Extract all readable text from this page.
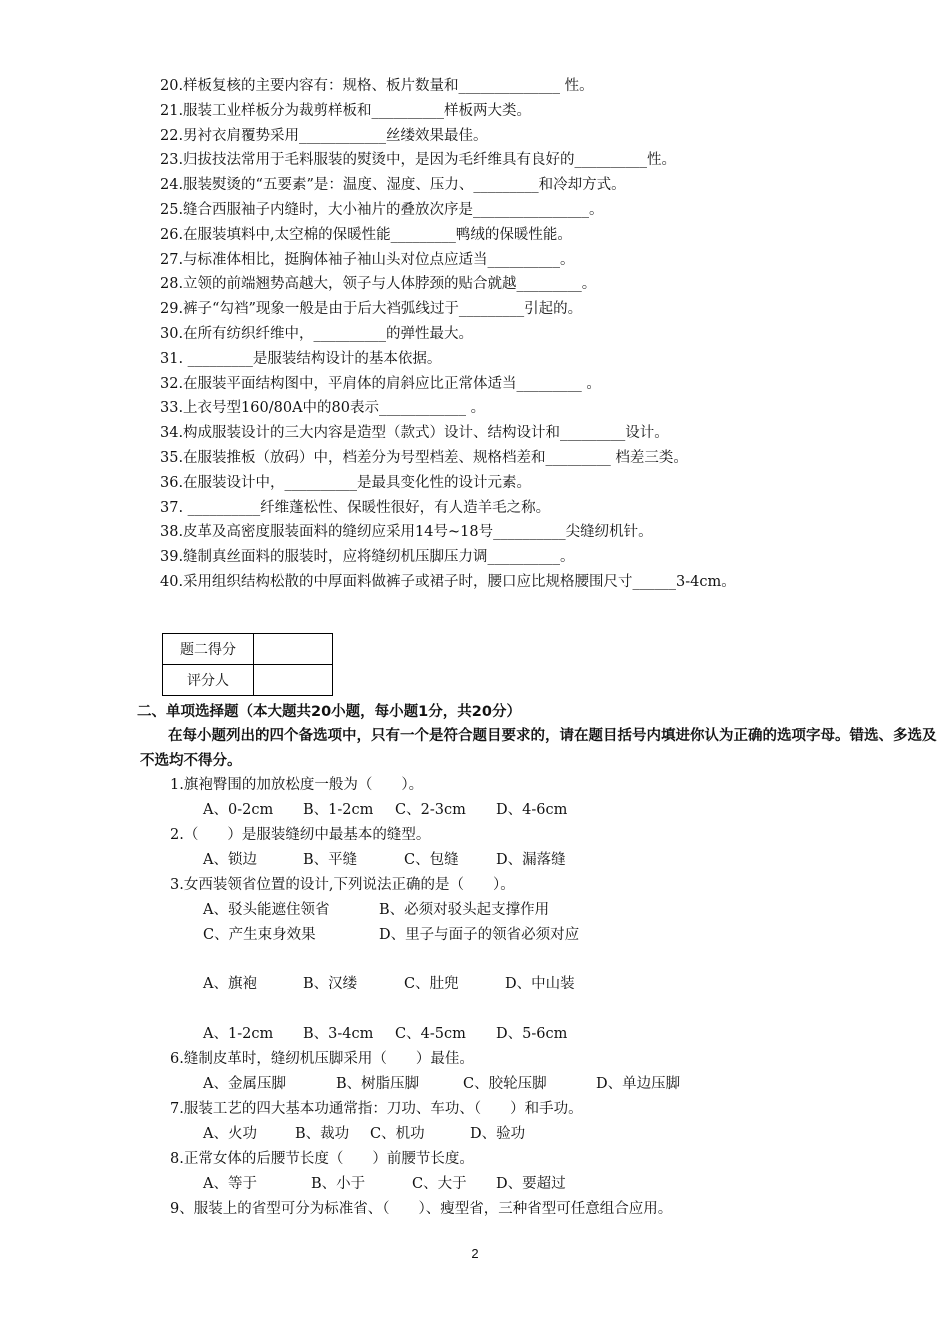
20.样板复核的主要内容有：规格、板片数量和______________ 性。
21.服装工业样板分为裁剪样板和__________样板两大类。
22.男衬衣肩覆势采用____________丝缕效果最佳。
23.归拔技法常用于毛料服装的熨烫中，是因为毛纤维具有良好的__________性。
24.服装熨烫的“五要素”是：温度、湿度、压力、_________和冷却方式。
25.缝合西服袖子内缝时，大小袖片的叠放次序是________________。
26.在服装填料中,太空棉的保暖性能_________鸭绒的保暖性能。
27.与标准体相比，挺胸体袖子袖山头对位点应适当__________。
28.立领的前端翘势高越大，领子与人体脖颈的贴合就越_________。
29.裤子“勾裆”现象一般是由于后大裆弧线过于_________引起的。
30.在所有纺织纤维中，__________的弹性最大。
31. _________是服装结构设计的基本依据。
32.在服装平面结构图中，平肩体的肩斜应比正常体适当_________ 。
33.上衣号型160/80A中的80表示____________ 。
34.构成服装设计的三大内容是造型（款式）设计、结构设计和_________设计。
35.在服装推板（放码）中，档差分为号型档差、规格档差和_________ 档差三类。
36.在服装设计中，__________是最具变化性的设计元素。
37. __________纤维蓬松性、保暖性很好，有人造羊毛之称。
38.皮革及高密度服装面料的缝纫应采用14号~18号__________尖缝纫机针。
39.缝制真丝面料的服装时，应将缝纫机压脚压力调__________。
40.采用组织结构松散的中厚面料做裤子或裙子时，腰口应比规格腰围尺寸______3-4cm。
题二得分	
评分人	
二、单项选择题（本大题共20小题，每小题1分，共20分）
在每小题列出的四个备选项中，只有一个是符合题目要求的，请在题目括号内填进你认为正确的选项字母。错选、多选及不选均不得分。
1.旗袍臀围的加放松度一般为（　　）。
A、0-2cm B、1-2cm C、2-3cm D、4-6cm
2.（　　）是服装缝纫中最基本的缝型。
A、锁边	B、平缝	C、包缝	D、漏落缝
3.女西装领省位置的设计,下列说法正确的是（　　）。
A、驳头能遮住领省	B、必须对驳头起支撑作用
C、产生束身效果	D、里子与面子的领省必须对应
A、旗袍	B、汉缕	C、肚兜	D、中山装
A、1-2cm B、3-4cm C、4-5cm D、5-6cm
6.缝制皮革时，缝纫机压脚采用（　　）最佳。
A、金属压脚	B、树脂压脚	C、胶轮压脚	D、单边压脚
7.服装工艺的四大基本功通常指：刀功、车功、（　　）和手功。
A、火功	B、裁功 C、机功	D、验功
8.正常女体的后腰节长度（　　）前腰节长度。
A、等于	B、小于	C、大于 D、要超过
9、服装上的省型可分为标准省、（　　）、瘦型省，三种省型可任意组合应用。
2
